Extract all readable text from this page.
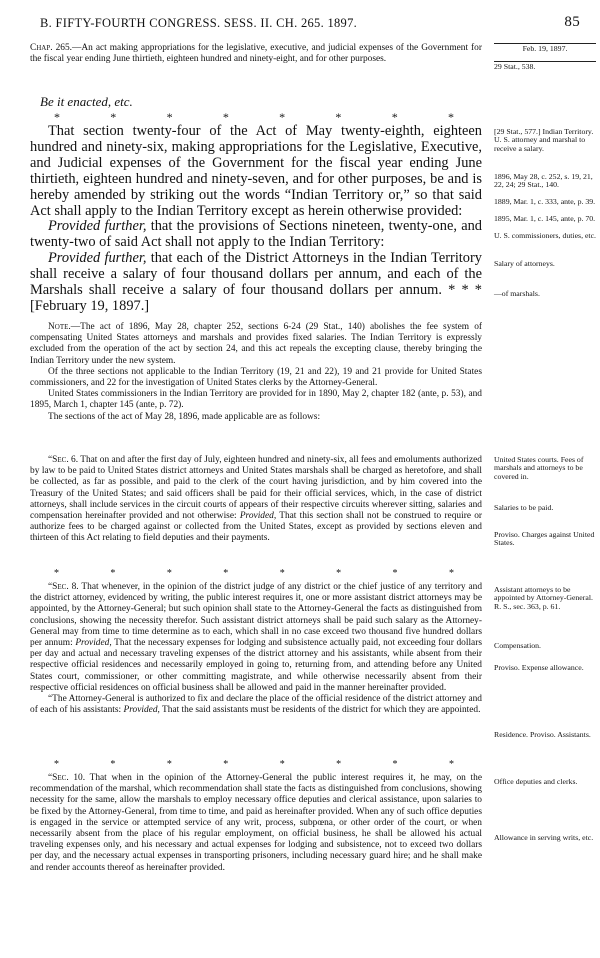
B. FIFTY-FOURTH CONGRESS. SESS. II. CH. 265. 1897.	85

Chap. 265.—An act making appropriations for the legislative, executive, and judicial expenses of the Government for the fiscal year ending June thirtieth, eighteen hundred and ninety-eight, and for other purposes.

Be it enacted, etc.
*	*	*	*	*	*	*	*

That section twenty-four of the Act of May twenty-eighth, eighteen hundred and ninety-six, making appropriations for the Legislative, Executive, and Judicial expenses of the Government for the fiscal year ending June thirtieth, eighteen hundred and ninety-seven, and for other purposes, be and is hereby amended by striking out the words “Indian Territory or,” so that said Act shall apply to the Indian Territory except as herein otherwise provided:

Provided further, that the provisions of Sections nineteen, twenty-one, and twenty-two of said Act shall not apply to the Indian Territory:

Provided further, that each of the District Attorneys in the Indian Territory shall receive a salary of four thousand dollars per annum, and each of the Marshals shall receive a salary of four thousand dollars per annum. * * * [February 19, 1897.]

Note.—The act of 1896, May 28, chapter 252, sections 6-24 (29 Stat., 140) abolishes the fee system of compensating United States attorneys and marshals and provides fixed salaries. The Indian Territory is expressly excluded from the operation of the act by section 24, and this act repeals the excepting clause, thereby bringing the Indian Territory under the new system.

Of the three sections not applicable to the Indian Territory (19, 21 and 22), 19 and 21 provide for United States commissioners, and 22 for the investigation of United States clerks by the Attorney-General.

United States commissioners in the Indian Territory are provided for in 1890, May 2, chapter 182 (ante, p. 53), and 1895, March 1, chapter 145 (ante, p. 72).

The sections of the act of May 28, 1896, made applicable are as follows:

“Sec. 6. That on and after the first day of July, eighteen hundred and ninety-six, all fees and emoluments authorized by law to be paid to United States district attorneys and United States marshals shall be charged as heretofore, and shall be collected, as far as possible, and paid to the clerk of the court having jurisdiction, and by him covered into the Treasury of the United States; and said officers shall be paid for their official services, which, in the case of district attorneys, shall include services in the circuit courts of appears of their respective circuits wherever sitting, salaries and compensation hereinafter provided and not otherwise: Provided, That this section shall not be construed to require or authorize fees to be charged against or collected from the United States, except as provided by sections eleven and thirteen of this Act relating to field deputies and their payments.

*	*	*	*	*	*	*	*

“Sec. 8. That whenever, in the opinion of the district judge of any district or the chief justice of any territory and the district attorney, evidenced by writing, the public interest requires it, one or more assistant district attorneys may be appointed, by the Attorney-General; but such opinion shall state to the Attorney-General the facts as distinguished from conclusions, showing the necessity therefor. Such assistant district attorneys shall be paid such salary as the Attorney-General may from time to time determine as to each, which shall in no case exceed two thousand five hundred dollars per annum: Provided, That the necessary expenses for lodging and subsistence actually paid, not exceeding four dollars per day and actual and necessary traveling expenses of the district attorney and his assistants, while absent from their respective official residences and necessarily employed in going to, returning from, and attending before any United States court, commissioner, or other committing magistrate, and while otherwise necessarily absent from their respective official residences on official business shall be allowed and paid in the manner hereinafter provided.

“The Attorney-General is authorized to fix and declare the place of the official residence of the district attorney and of each of his assistants: Provided, That the said assistants must be residents of the district for which they are appointed.

*	*	*	*	*	*	*	*

“Sec. 10. That when in the opinion of the Attorney-General the public interest requires it, he may, on the recommendation of the marshal, which recommendation shall state the facts as distinguished from conclusions, showing necessity for the same, allow the marshals to employ necessary office deputies and clerical assistance, upon salaries to be fixed by the Attorney-General, from time to time, and paid as hereinafter provided. When any of such office deputies is engaged in the service or attempted service of any writ, process, subpœna, or other order of the court, or when necessarily absent from the place of his regular employment, on official business, he shall be allowed his actual traveling expenses only, and his necessary and actual expenses for lodging and subsistence, not to exceed two dollars per day, and the necessary actual expenses in transporting prisoners, including necessary guard hire; and he shall make and render accounts thereof as hereinafter provided.

Feb. 19, 1897.
29 Stat., 538.
[29 Stat., 577.] Indian Territory. U. S. attorney and marshal to receive a salary.
1896, May 28, c. 252, s. 19, 21, 22, 24; 29 Stat., 140.
1889, Mar. 1, c. 333, ante, p. 39.
1895, Mar. 1, c. 145, ante, p. 70.
U. S. commissioners, duties, etc.
Salary of attorneys.
—of marshals.
United States courts. Fees of marshals and attorneys to be covered in.
Salaries to be paid.
Proviso. Charges against United States.
Assistant attorneys to be appointed by Attorney-General. R. S., sec. 363, p. 61.
Compensation.
Proviso. Expense allowance.
Residence. Proviso. Assistants.
Office deputies and clerks.
Allowance in serving writs, etc.
